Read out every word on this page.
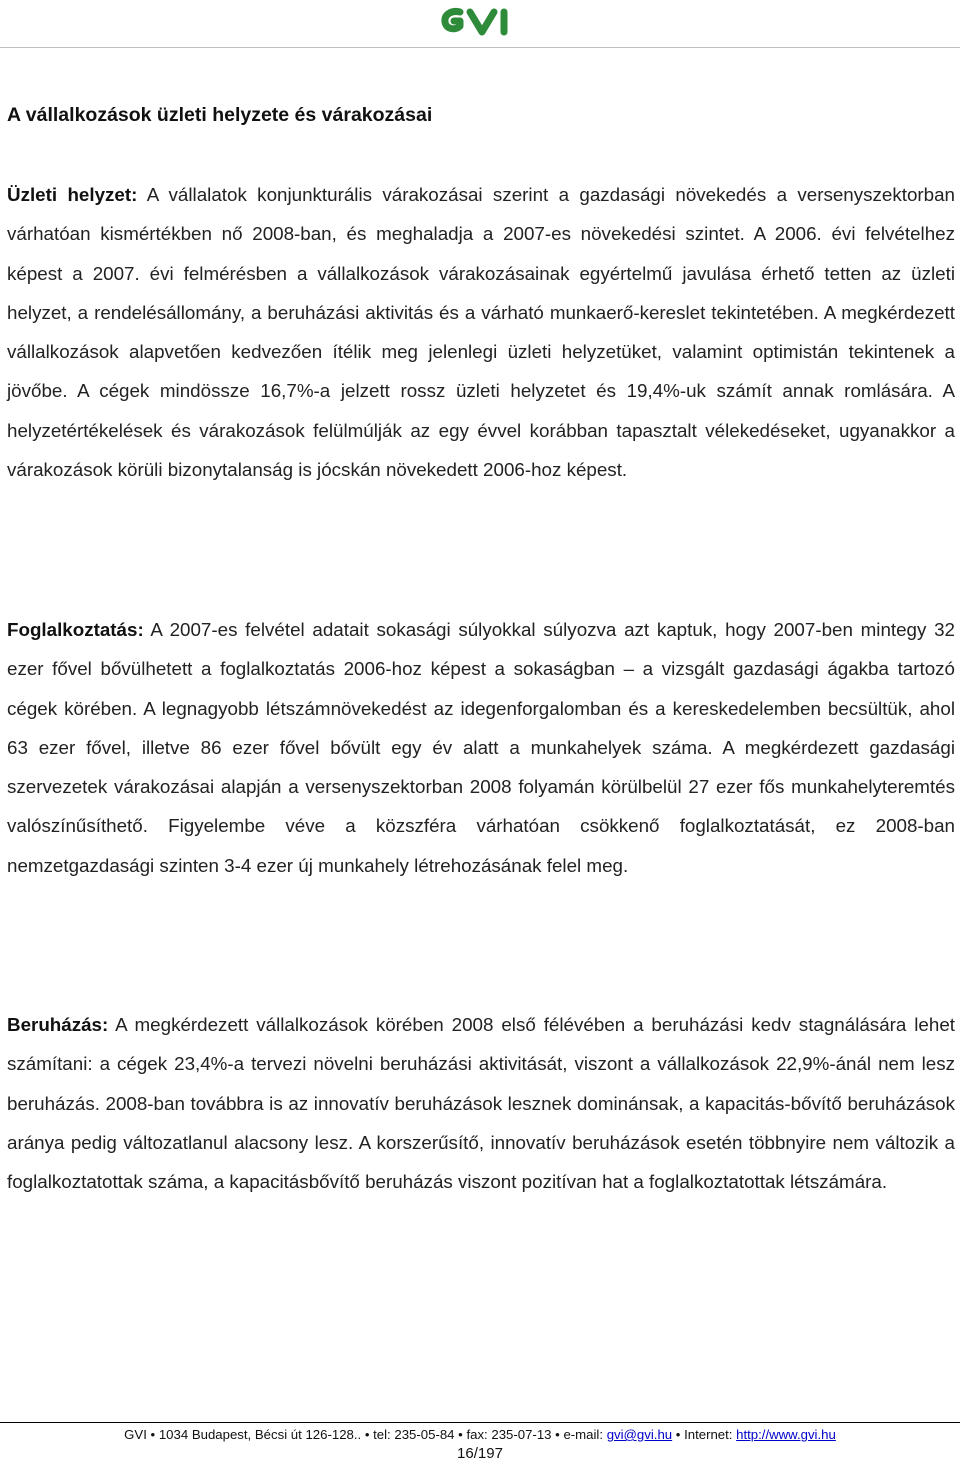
A vállalkozások üzleti helyzete és várakozásai

Üzleti helyzet: A vállalatok konjunkturális várakozásai szerint a gazdasági növekedés a versenyszektorban várhatóan kismértékben nő 2008-ban, és meghaladja a 2007-es növekedési szintet. A 2006. évi felvételhez képest a 2007. évi felmérésben a vállalkozások várakozásainak egyértelmű javulása érhető tetten az üzleti helyzet, a rendelésállomány, a beruházási aktivitás és a várható munkaerő-kereslet tekintetében. A megkérdezett vállalkozások alapvetően kedvezően ítélik meg jelenlegi üzleti helyzetüket, valamint optimistán tekintenek a jövőbe. A cégek mindössze 16,7%-a jelzett rossz üzleti helyzetet és 19,4%-uk számít annak romlására. A helyzetértékelések és várakozások felülmúlják az egy évvel korábban tapasztalt vélekedéseket, ugyanakkor a várakozások körüli bizonytalanság is jócskán növekedett 2006-hoz képest.

Foglalkoztatás: A 2007-es felvétel adatait sokasági súlyokkal súlyozva azt kaptuk, hogy 2007-ben mintegy 32 ezer fővel bővülhetett a foglalkoztatás 2006-hoz képest a sokaságban – a vizsgált gazdasági ágakba tartozó cégek körében. A legnagyobb létszámnövekedést az idegenforgalomban és a kereskedelemben becsültük, ahol 63 ezer fővel, illetve 86 ezer fővel bővült egy év alatt a munkahelyek száma. A megkérdezett gazdasági szervezetek várakozásai alapján a versenyszektorban 2008 folyamán körülbelül 27 ezer fős munkahelyteremtés valószínűsíthető. Figyelembe véve a közszféra várhatóan csökkenő foglalkoztatását, ez 2008-ban nemzetgazdasági szinten 3-4 ezer új munkahely létrehozásának felel meg.

Beruházás: A megkérdezett vállalkozások körében 2008 első félévében a beruházási kedv stagnálására lehet számítani: a cégek 23,4%-a tervezi növelni beruházási aktivitását, viszont a vállalkozások 22,9%-ánál nem lesz beruházás. 2008-ban továbbra is az innovatív beruházások lesznek dominánsak, a kapacitás-bővítő beruházások aránya pedig változatlanul alacsony lesz. A korszerűsítő, innovatív beruházások esetén többnyire nem változik a foglalkoztatottak száma, a kapacitásbővítő beruházás viszont pozitívan hat a foglalkoztatottak létszámára.

GVI • 1034 Budapest, Bécsi út 126-128.. • tel: 235-05-84 • fax: 235-07-13 • e-mail: gvi@gvi.hu • Internet: http://www.gvi.hu
16/197
